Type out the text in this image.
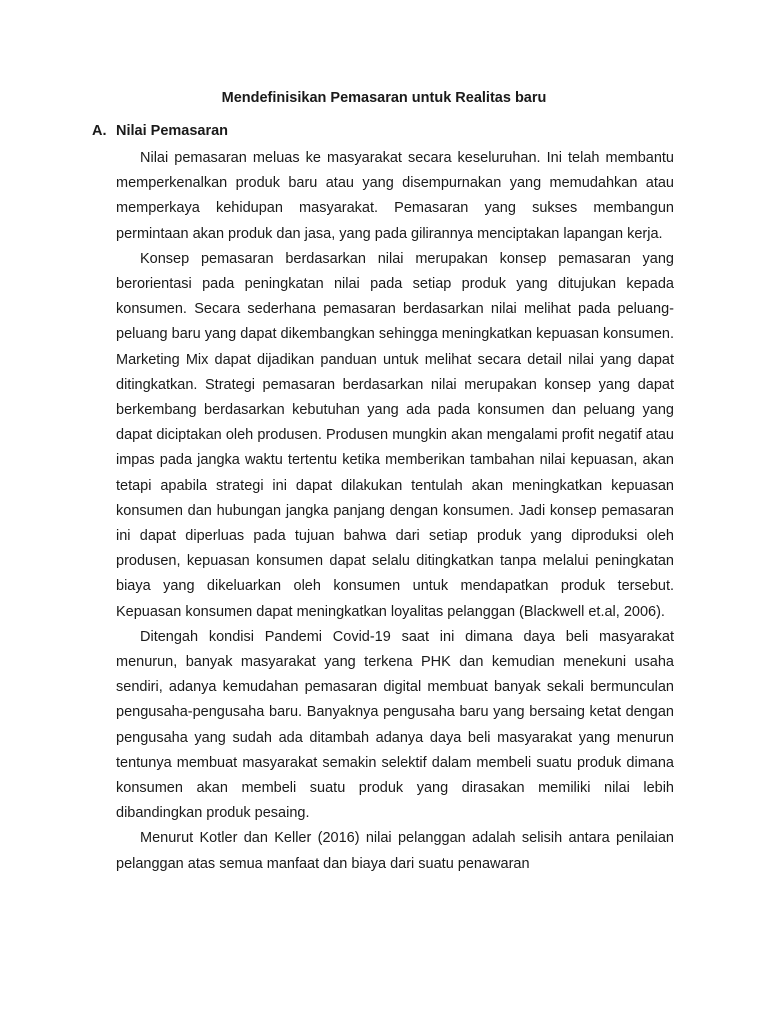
Mendefinisikan Pemasaran untuk Realitas baru
A. Nilai Pemasaran

Nilai pemasaran meluas ke masyarakat secara keseluruhan. Ini telah membantu memperkenalkan produk baru atau yang disempurnakan yang memudahkan atau memperkaya kehidupan masyarakat. Pemasaran yang sukses membangun permintaan akan produk dan jasa, yang pada gilirannya menciptakan lapangan kerja.

Konsep pemasaran berdasarkan nilai merupakan konsep pemasaran yang berorientasi pada peningkatan nilai pada setiap produk yang ditujukan kepada konsumen. Secara sederhana pemasaran berdasarkan nilai melihat pada peluang-peluang baru yang dapat dikembangkan sehingga meningkatkan kepuasan konsumen. Marketing Mix dapat dijadikan panduan untuk melihat secara detail nilai yang dapat ditingkatkan. Strategi pemasaran berdasarkan nilai merupakan konsep yang dapat berkembang berdasarkan kebutuhan yang ada pada konsumen dan peluang yang dapat diciptakan oleh produsen. Produsen mungkin akan mengalami profit negatif atau impas pada jangka waktu tertentu ketika memberikan tambahan nilai kepuasan, akan tetapi apabila strategi ini dapat dilakukan tentulah akan meningkatkan kepuasan konsumen dan hubungan jangka panjang dengan konsumen. Jadi konsep pemasaran ini dapat diperluas pada tujuan bahwa dari setiap produk yang diproduksi oleh produsen, kepuasan konsumen dapat selalu ditingkatkan tanpa melalui peningkatan biaya yang dikeluarkan oleh konsumen untuk mendapatkan produk tersebut. Kepuasan konsumen dapat meningkatkan loyalitas pelanggan (Blackwell et.al, 2006).

Ditengah kondisi Pandemi Covid-19 saat ini dimana daya beli masyarakat menurun, banyak masyarakat yang terkena PHK dan kemudian menekuni usaha sendiri, adanya kemudahan pemasaran digital membuat banyak sekali bermunculan pengusaha-pengusaha baru. Banyaknya pengusaha baru yang bersaing ketat dengan pengusaha yang sudah ada ditambah adanya daya beli masyarakat yang menurun tentunya membuat masyarakat semakin selektif dalam membeli suatu produk dimana konsumen akan membeli suatu produk yang dirasakan memiliki nilai lebih dibandingkan produk pesaing.

Menurut Kotler dan Keller (2016) nilai pelanggan adalah selisih antara penilaian pelanggan atas semua manfaat dan biaya dari suatu penawaran
